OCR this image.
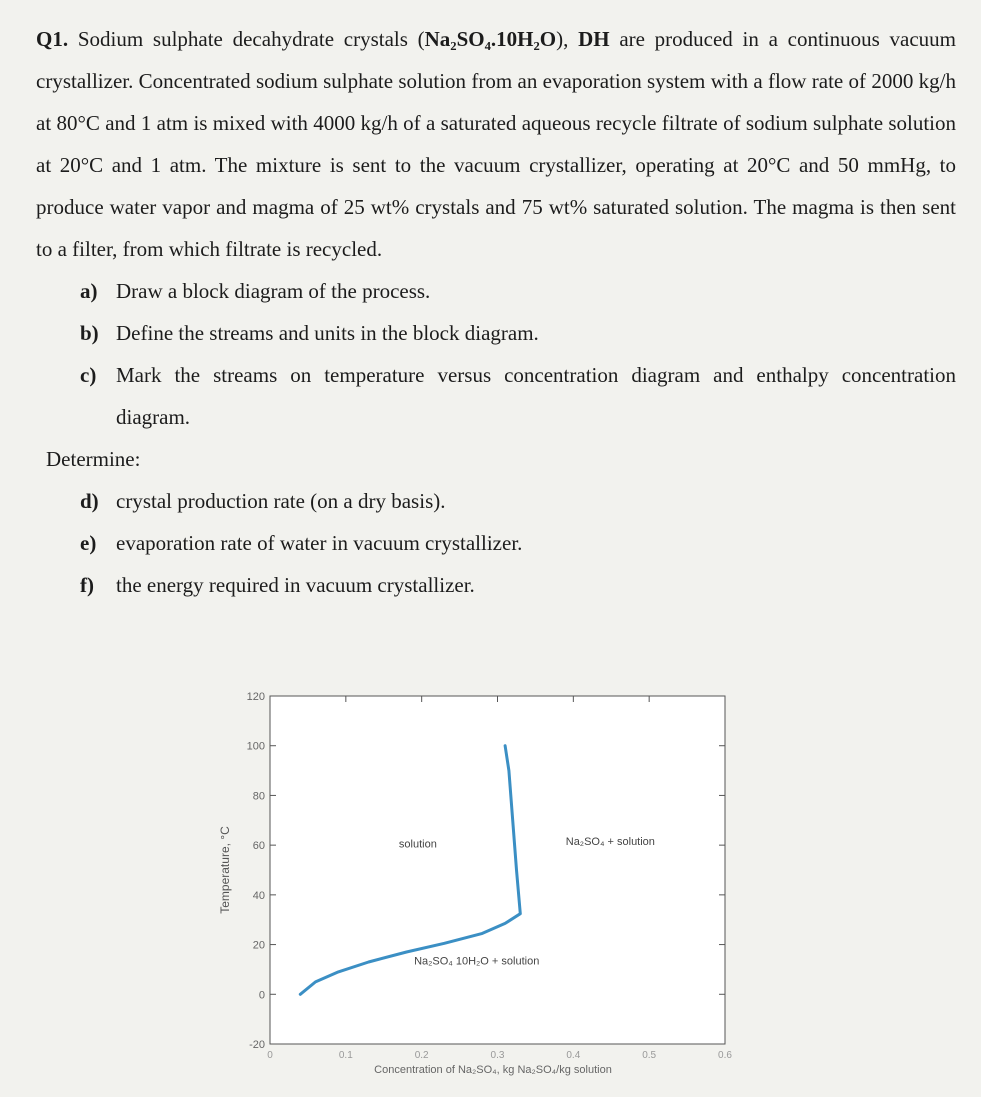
Q1. Sodium sulphate decahydrate crystals (Na₂SO₄.10H₂O), DH are produced in a continuous vacuum crystallizer. Concentrated sodium sulphate solution from an evaporation system with a flow rate of 2000 kg/h at 80°C and 1 atm is mixed with 4000 kg/h of a saturated aqueous recycle filtrate of sodium sulphate solution at 20°C and 1 atm. The mixture is sent to the vacuum crystallizer, operating at 20°C and 50 mmHg, to produce water vapor and magma of 25 wt% crystals and 75 wt% saturated solution. The magma is then sent to a filter, from which filtrate is recycled.

a) Draw a block diagram of the process.
b) Define the streams and units in the block diagram.
c) Mark the streams on temperature versus concentration diagram and enthalpy concentration diagram.
Determine:
d) crystal production rate (on a dry basis).
e) evaporation rate of water in vacuum crystallizer.
f) the energy required in vacuum crystallizer.
-20
0
20
40
60
80
100
120
0	0.1	0.2	0.3	0.4	0.5	0.6
solution	Na₂SO₄ + solution
Na₂SO₄ 10H₂O + solution
Temperature, °C
Concentration of Na₂SO₄, kg Na₂SO₄/kg solution
